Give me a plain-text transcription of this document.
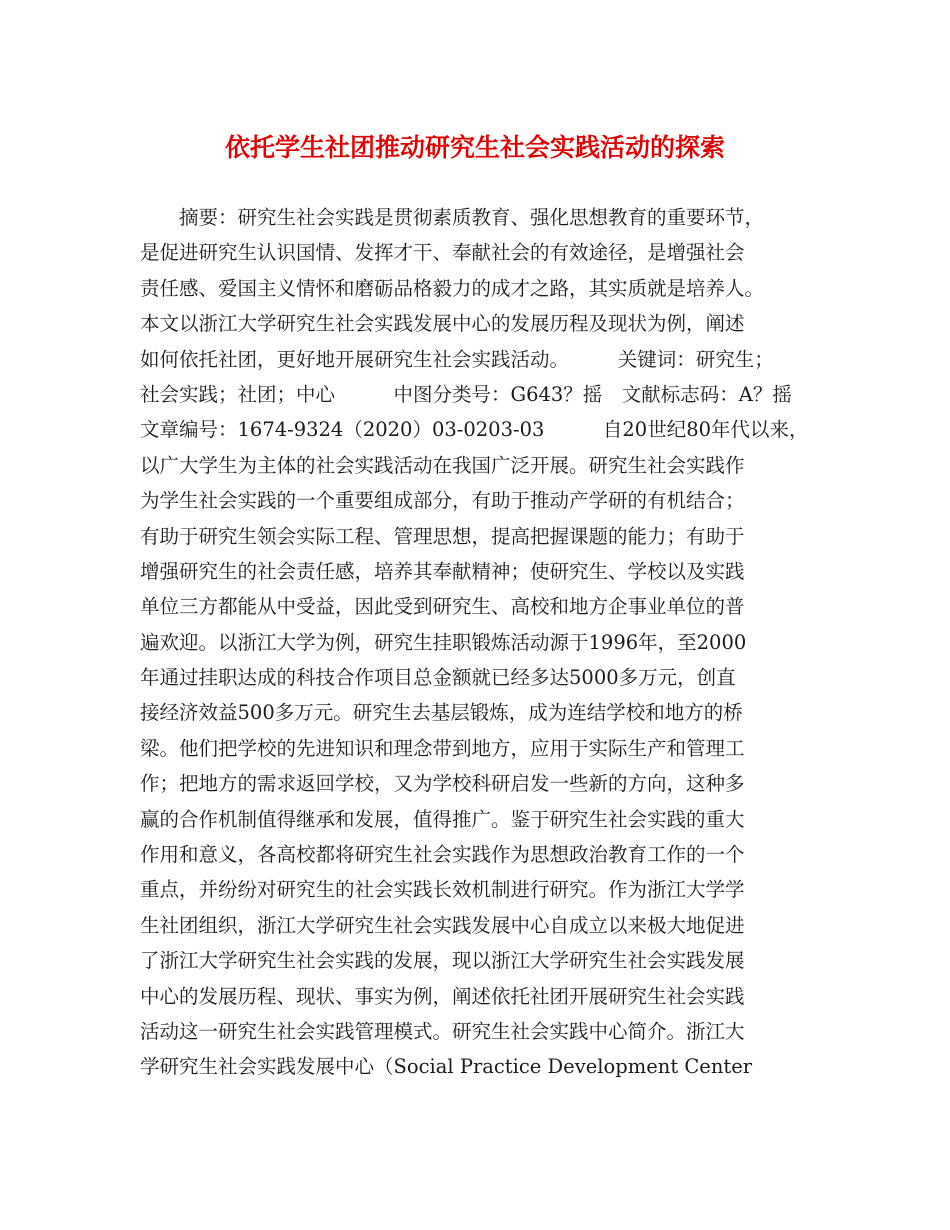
依托学生社团推动研究生社会实践活动的探索
　　摘要：研究生社会实践是贯彻素质教育、强化思想教育的重要环节，
是促进研究生认识国情、发挥才干、奉献社会的有效途径，是增强社会
责任感、爱国主义情怀和磨砺品格毅力的成才之路，其实质就是培养人。
本文以浙江大学研究生社会实践发展中心的发展历程及现状为例，阐述
如何依托社团，更好地开展研究生社会实践活动。　　　关键词：研究生；
社会实践；社团；中心　　　中图分类号：G643？摇　文献标志码：A？摇
文章编号：1674-9324（2020）03-0203-03　　　自20世纪80年代以来，
以广大学生为主体的社会实践活动在我国广泛开展。研究生社会实践作
为学生社会实践的一个重要组成部分，有助于推动产学研的有机结合；
有助于研究生领会实际工程、管理思想，提高把握课题的能力；有助于
增强研究生的社会责任感，培养其奉献精神；使研究生、学校以及实践
单位三方都能从中受益，因此受到研究生、高校和地方企事业单位的普
遍欢迎。以浙江大学为例，研究生挂职锻炼活动源于1996年，至2000
年通过挂职达成的科技合作项目总金额就已经多达5000多万元，创直
接经济效益500多万元。研究生去基层锻炼，成为连结学校和地方的桥
梁。他们把学校的先进知识和理念带到地方，应用于实际生产和管理工
作；把地方的需求返回学校，又为学校科研启发一些新的方向，这种多
赢的合作机制值得继承和发展，值得推广。鉴于研究生社会实践的重大
作用和意义，各高校都将研究生社会实践作为思想政治教育工作的一个
重点，并纷纷对研究生的社会实践长效机制进行研究。作为浙江大学学
生社团组织，浙江大学研究生社会实践发展中心自成立以来极大地促进
了浙江大学研究生社会实践的发展，现以浙江大学研究生社会实践发展
中心的发展历程、现状、事实为例，阐述依托社团开展研究生社会实践
活动这一研究生社会实践管理模式。研究生社会实践中心简介。浙江大
学研究生社会实践发展中心（Social Practice Development Center
